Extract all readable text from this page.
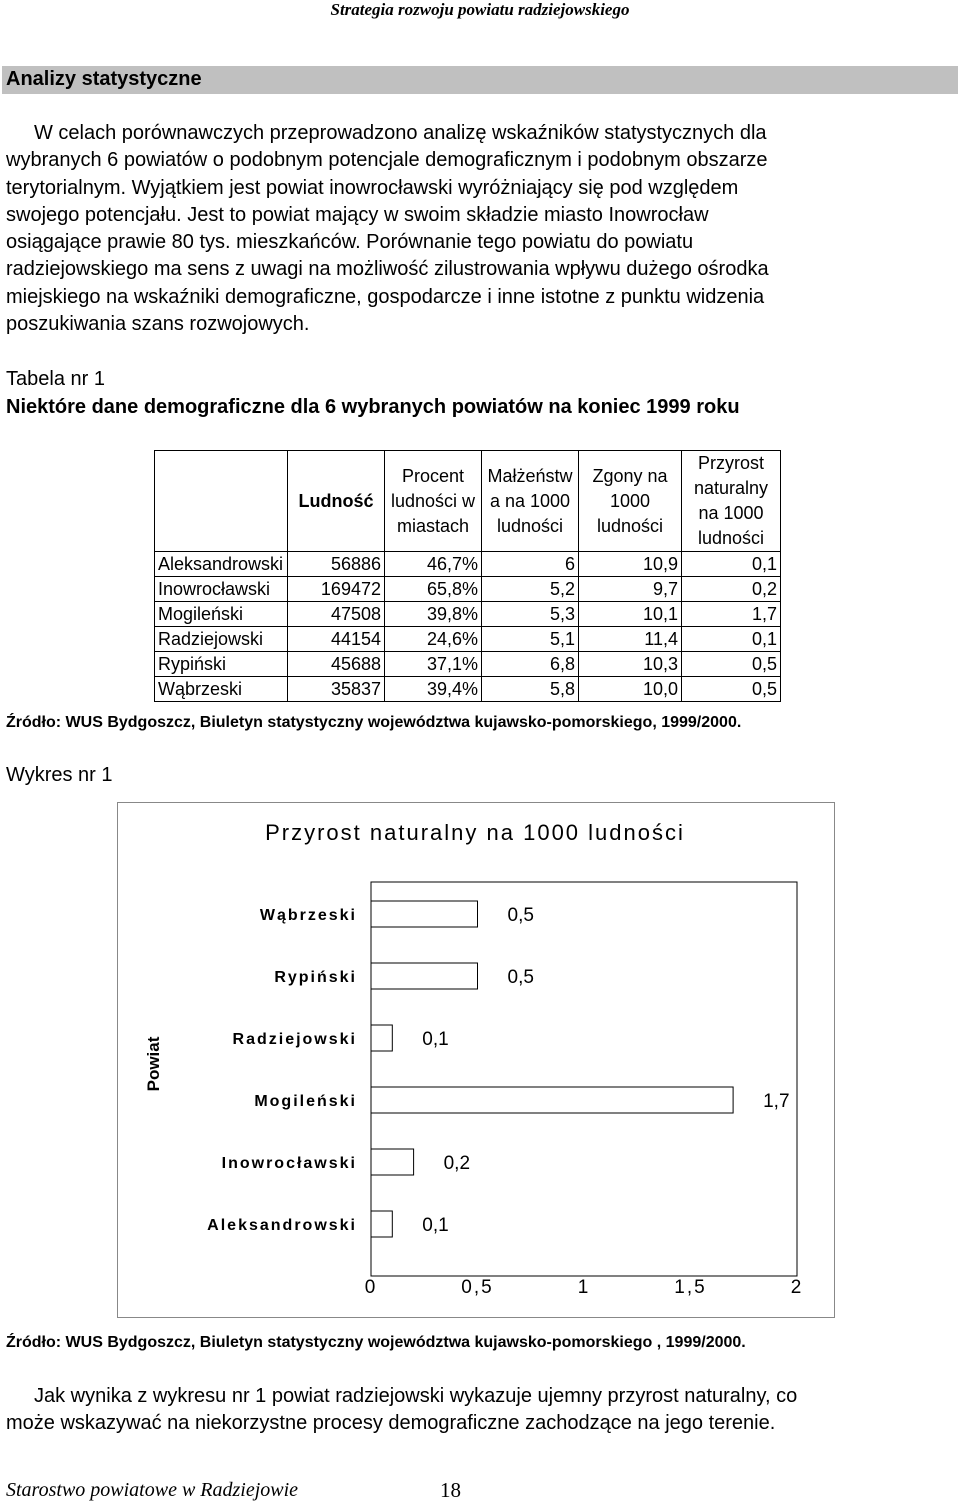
Strategia rozwoju powiatu radziejowskiego
Analizy statystyczne
W celach porównawczych przeprowadzono analizę wskaźników statystycznych dla
wybranych 6 powiatów o podobnym potencjale demograficznym i podobnym obszarze
terytorialnym. Wyjątkiem jest powiat inowrocławski wyróżniający się pod względem
swojego potencjału. Jest to powiat mający w swoim składzie miasto Inowrocław
osiągające prawie 80 tys. mieszkańców. Porównanie tego powiatu do powiatu
radziejowskiego ma sens z uwagi na możliwość zilustrowania wpływu dużego ośrodka
miejskiego na wskaźniki demograficzne, gospodarcze i inne istotne z punktu widzenia
poszukiwania szans rozwojowych.
Tabela nr 1
Niektóre dane demograficzne dla 6 wybranych powiatów na koniec 1999 roku
	Ludność	Procent ludności w miastach	Małżeństw a na 1000 ludności	Zgony na 1000 ludności	Przyrost naturalny na 1000 ludności
Aleksandrowski	56886	46,7%	6	10,9	0,1
Inowrocławski	169472	65,8%	5,2	9,7	0,2
Mogileński	47508	39,8%	5,3	10,1	1,7
Radziejowski	44154	24,6%	5,1	11,4	0,1
Rypiński	45688	37,1%	6,8	10,3	0,5
Wąbrzeski	35837	39,4%	5,8	10,0	0,5
Źródło: WUS Bydgoszcz, Biuletyn statystyczny województwa kujawsko-pomorskiego, 1999/2000.
Wykres nr 1
Przyrost naturalny na 1000 ludności
Powiat
Wąbrzeski
Rypiński
Radziejowski
Mogileński
Inowrocławski
Aleksandrowski
0,5
0,5
0,1
1,7
0,2
0,1
0	0,5	1	1,5	2
Źródło: WUS Bydgoszcz, Biuletyn statystyczny województwa kujawsko-pomorskiego , 1999/2000.
Jak wynika z wykresu nr 1 powiat radziejowski wykazuje ujemny przyrost naturalny, co
może wskazywać na niekorzystne procesy demograficzne zachodzące na jego terenie.
Starostwo powiatowe w Radziejowie	18
